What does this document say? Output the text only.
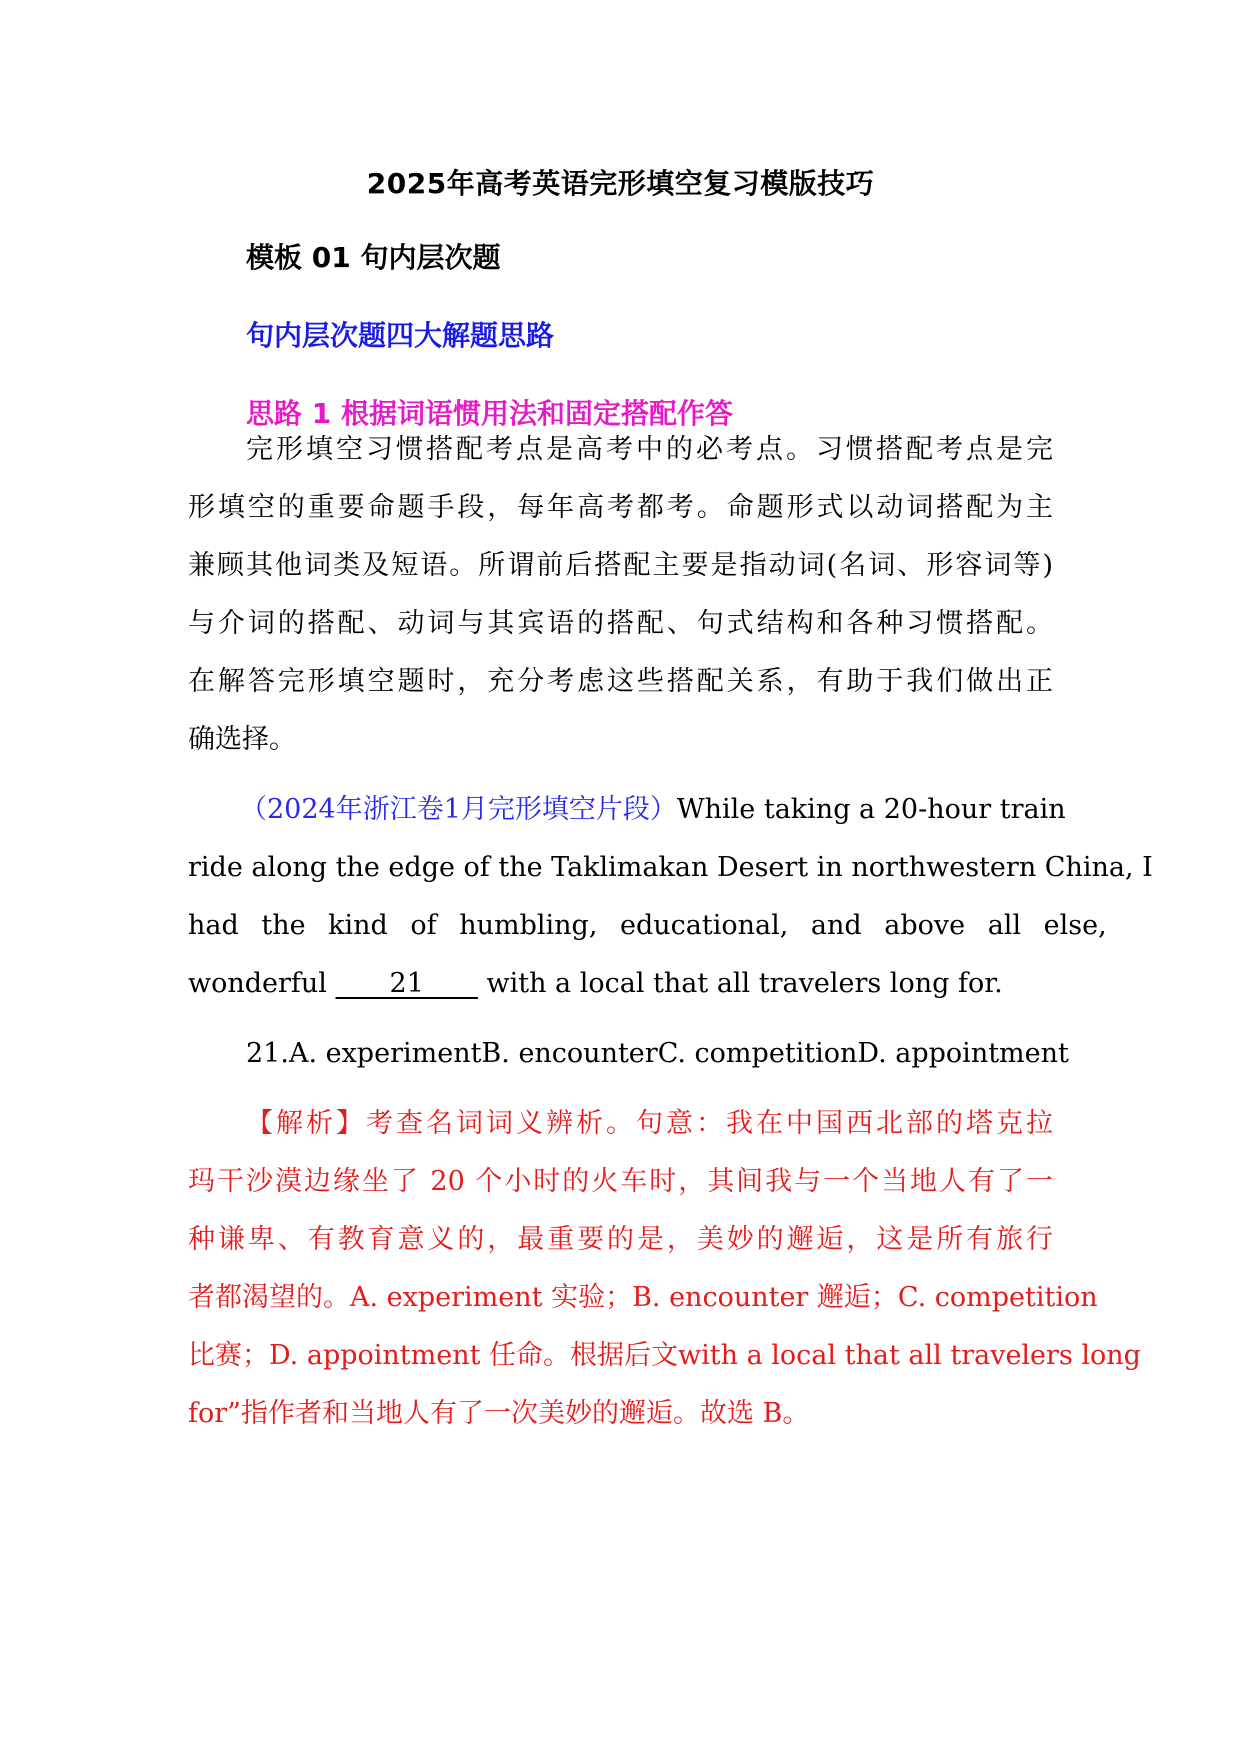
2025年高考英语完形填空复习模版技巧
模板 01 句内层次题
句内层次题四大解题思路
思路 1 根据词语惯用法和固定搭配作答
完形填空习惯搭配考点是高考中的必考点。习惯搭配考点是完
形填空的重要命题手段，每年高考都考。命题形式以动词搭配为主
兼顾其他词类及短语。所谓前后搭配主要是指动词(名词、形容词等)
与介词的搭配、动词与其宾语的搭配、句式结构和各种习惯搭配。
在解答完形填空题时，充分考虑这些搭配关系，有助于我们做出正
确选择。
（2024年浙江卷1月完形填空片段）While taking a 20-hour train
ride along the edge of the Taklimakan Desert in northwestern China, I
had the kind of humbling, educational, and above all else,
wonderful ____21____ with a local that all travelers long for.
21.A. experimentB. encounterC. competitionD. appointment
【解析】考查名词词义辨析。句意：我在中国西北部的塔克拉
玛干沙漠边缘坐了 20 个小时的火车时，其间我与一个当地人有了一
种谦卑、有教育意义的，最重要的是，美妙的邂逅，这是所有旅行
者都渴望的。A. experiment 实验；B. encounter 邂逅；C. competition
比赛；D. appointment 任命。根据后文with a local that all travelers long
for”指作者和当地人有了一次美妙的邂逅。故选 B。
